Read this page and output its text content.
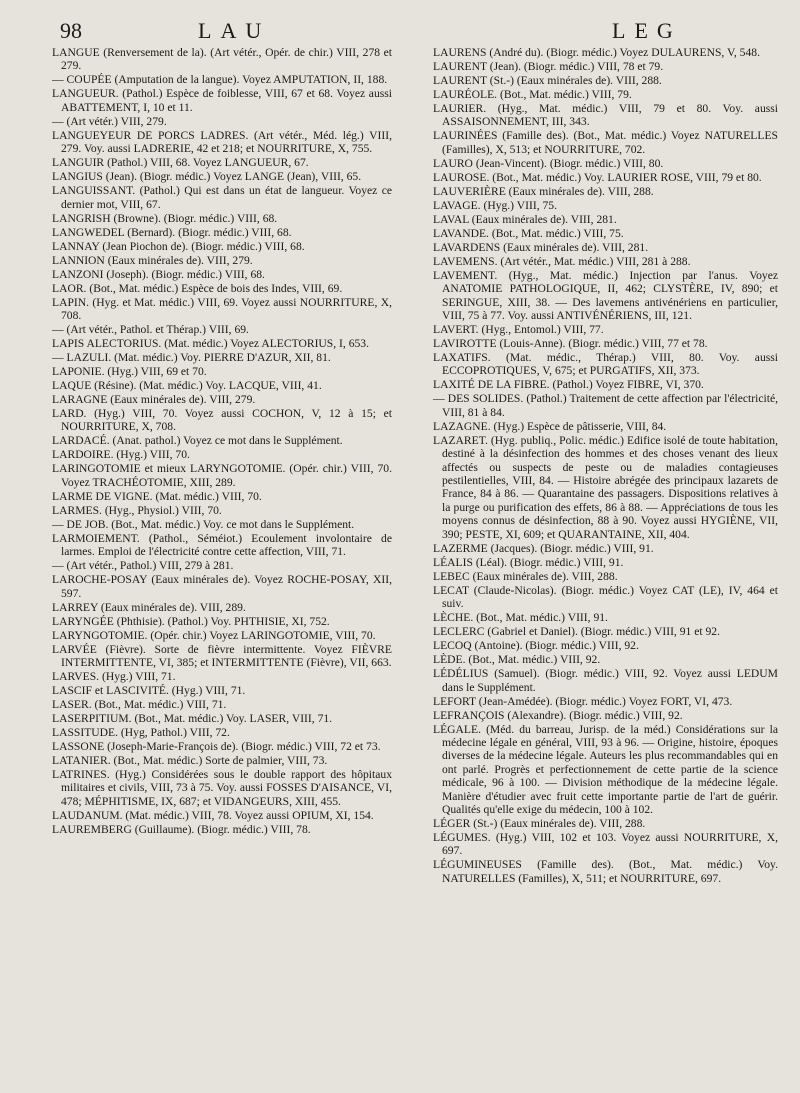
98	LAU	LEG

LANGUE (Renversement de la). (Art vétér., Opér. de chir.) VIII, 278 et 279.

— COUPÉE (Amputation de la langue). Voyez AMPUTATION, II, 188.

LANGUEUR. (Pathol.) Espèce de foiblesse, VIII, 67 et 68. Voyez aussi ABATTEMENT, I, 10 et 11.

— (Art vétér.) VIII, 279.

LANGUEYEUR DE PORCS LADRES. (Art vétér., Méd. lég.) VIII, 279. Voy. aussi LADRERIE, 42 et 218; et NOURRITURE, X, 755.

LANGUIR (Pathol.) VIII, 68. Voyez LANGUEUR, 67.

LANGIUS (Jean). (Biogr. médic.) Voyez LANGE (Jean), VIII, 65.

LANGUISSANT. (Pathol.) Qui est dans un état de langueur. Voyez ce dernier mot, VIII, 67.

LANGRISH (Browne). (Biogr. médic.) VIII, 68.

LANGWEDEL (Bernard). (Biogr. médic.) VIII, 68.

LANNAY (Jean Piochon de). (Biogr. médic.) VIII, 68.

LANNION (Eaux minérales de). VIII, 279.

LANZONI (Joseph). (Biogr. médic.) VIII, 68.

LAOR. (Bot., Mat. médic.) Espèce de bois des Indes, VIII, 69.

LAPIN. (Hyg. et Mat. médic.) VIII, 69. Voyez aussi NOURRITURE, X, 708.

— (Art vétér., Pathol. et Thérap.) VIII, 69.

LAPIS ALECTORIUS. (Mat. médic.) Voyez ALECTORIUS, I, 653.

— LAZULI. (Mat. médic.) Voy. PIERRE D'AZUR, XII, 81.

LAPONIE. (Hyg.) VIII, 69 et 70.

LAQUE (Résine). (Mat. médic.) Voy. LACQUE, VIII, 41.

LARAGNE (Eaux minérales de). VIII, 279.

LARD. (Hyg.) VIII, 70. Voyez aussi COCHON, V, 12 à 15; et NOURRITURE, X, 708.

LARDACÉ. (Anat. pathol.) Voyez ce mot dans le Supplément.

LARDOIRE. (Hyg.) VIII, 70.

LARINGOTOMIE et mieux LARYNGOTOMIE. (Opér. chir.) VIII, 70. Voyez TRACHÉOTOMIE, XIII, 289.

LARME DE VIGNE. (Mat. médic.) VIII, 70.

LARMES. (Hyg., Physiol.) VIII, 70.

— DE JOB. (Bot., Mat. médic.) Voy. ce mot dans le Supplément.

LARMOIEMENT. (Pathol., Séméiot.) Ecoulement involontaire de larmes. Emploi de l'électricité contre cette affection, VIII, 71.

— (Art vétér., Pathol.) VIII, 279 à 281.

LAROCHE-POSAY (Eaux minérales de). Voyez ROCHE-POSAY, XII, 597.

LARREY (Eaux minérales de). VIII, 289.

LARYNGÉE (Phthisie). (Pathol.) Voy. PHTHISIE, XI, 752.

LARYNGOTOMIE. (Opér. chir.) Voyez LARINGOTOMIE, VIII, 70.

LARVÉE (Fièvre). Sorte de fièvre intermittente. Voyez FIÈVRE INTERMITTENTE, VI, 385; et INTERMITTENTE (Fièvre), VII, 663.

LARVES. (Hyg.) VIII, 71.

LASCIF et LASCIVITÉ. (Hyg.) VIII, 71.

LASER. (Bot., Mat. médic.) VIII, 71.

LASERPITIUM. (Bot., Mat. médic.) Voy. LASER, VIII, 71.

LASSITUDE. (Hyg, Pathol.) VIII, 72.

LASSONE (Joseph-Marie-François de). (Biogr. médic.) VIII, 72 et 73.

LATANIER. (Bot., Mat. médic.) Sorte de palmier, VIII, 73.

LATRINES. (Hyg.) Considérées sous le double rapport des hôpitaux militaires et civils, VIII, 73 à 75. Voy. aussi FOSSES D'AISANCE, VI, 478; MÉPHITISME, IX, 687; et VIDANGEURS, XIII, 455.

LAUDANUM. (Mat. médic.) VIII, 78. Voyez aussi OPIUM, XI, 154.

LAUREMBERG (Guillaume). (Biogr. médic.) VIII, 78.

LAURENS (André du). (Biogr. médic.) Voyez DULAURENS, V, 548.

LAURENT (Jean). (Biogr. médic.) VIII, 78 et 79.

LAURENT (St.-) (Eaux minérales de). VIII, 288.

LAURÉOLE. (Bot., Mat. médic.) VIII, 79.

LAURIER. (Hyg., Mat. médic.) VIII, 79 et 80. Voy. aussi ASSAISONNEMENT, III, 343.

LAURINÉES (Famille des). (Bot., Mat. médic.) Voyez NATURELLES (Familles), X, 513; et NOURRITURE, 702.

LAURO (Jean-Vincent). (Biogr. médic.) VIII, 80.

LAUROSE. (Bot., Mat. médic.) Voy. LAURIER ROSE, VIII, 79 et 80.

LAUVERIÈRE (Eaux minérales de). VIII, 288.

LAVAGE. (Hyg.) VIII, 75.

LAVAL (Eaux minérales de). VIII, 281.

LAVANDE. (Bot., Mat. médic.) VIII, 75.

LAVARDENS (Eaux minérales de). VIII, 281.

LAVEMENS. (Art vétér., Mat. médic.) VIII, 281 à 288.

LAVEMENT. (Hyg., Mat. médic.) Injection par l'anus. Voyez ANATOMIE PATHOLOGIQUE, II, 462; CLYSTÈRE, IV, 890; et SERINGUE, XIII, 38. — Des lavemens antivénériens en particulier, VIII, 75 à 77. Voy. aussi ANTIVÉNÉRIENS, III, 121.

LAVERT. (Hyg., Entomol.) VIII, 77.

LAVIROTTE (Louis-Anne). (Biogr. médic.) VIII, 77 et 78.

LAXATIFS. (Mat. médic., Thérap.) VIII, 80. Voy. aussi ECCOPROTIQUES, V, 675; et PURGATIFS, XII, 373.

LAXITÉ DE LA FIBRE. (Pathol.) Voyez FIBRE, VI, 370.

— DES SOLIDES. (Pathol.) Traitement de cette affection par l'électricité, VIII, 81 à 84.

LAZAGNE. (Hyg.) Espèce de pâtisserie, VIII, 84.

LAZARET. (Hyg. publiq., Polic. médic.) Edifice isolé de toute habitation, destiné à la désinfection des hommes et des choses venant des lieux affectés ou suspects de peste ou de maladies contagieuses pestilentielles, VIII, 84. — Histoire abrégée des principaux lazarets de France, 84 à 86. — Quarantaine des passagers. Dispositions relatives à la purge ou purification des effets, 86 à 88. — Appréciations de tous les moyens connus de désinfection, 88 à 90. Voyez aussi HYGIÈNE, VII, 390; PESTE, XI, 609; et QUARANTAINE, XII, 404.

LAZERME (Jacques). (Biogr. médic.) VIII, 91.

LÉALIS (Léal). (Biogr. médic.) VIII, 91.

LEBEC (Eaux minérales de). VIII, 288.

LECAT (Claude-Nicolas). (Biogr. médic.) Voyez CAT (LE), IV, 464 et suiv.

LÈCHE. (Bot., Mat. médic.) VIII, 91.

LECLERC (Gabriel et Daniel). (Biogr. médic.) VIII, 91 et 92.

LECOQ (Antoine). (Biogr. médic.) VIII, 92.

LÈDE. (Bot., Mat. médic.) VIII, 92.

LÉDÉLIUS (Samuel). (Biogr. médic.) VIII, 92. Voyez aussi LEDUM dans le Supplément.

LEFORT (Jean-Amédée). (Biogr. médic.) Voyez FORT, VI, 473.

LEFRANÇOIS (Alexandre). (Biogr. médic.) VIII, 92.

LÉGALE. (Méd. du barreau, Jurisp. de la méd.) Considérations sur la médecine légale en général, VIII, 93 à 96. — Origine, histoire, époques diverses de la médecine légale. Auteurs les plus recommandables qui en ont parlé. Progrès et perfectionnement de cette partie de la science médicale, 96 à 100. — Division méthodique de la médecine légale. Manière d'étudier avec fruit cette importante partie de l'art de guérir. Qualités qu'elle exige du médecin, 100 à 102.

LÉGER (St.-) (Eaux minérales de). VIII, 288.

LÉGUMES. (Hyg.) VIII, 102 et 103. Voyez aussi NOURRITURE, X, 697.

LÉGUMINEUSES (Famille des). (Bot., Mat. médic.) Voy. NATURELLES (Familles), X, 511; et NOURRITURE, 697.
